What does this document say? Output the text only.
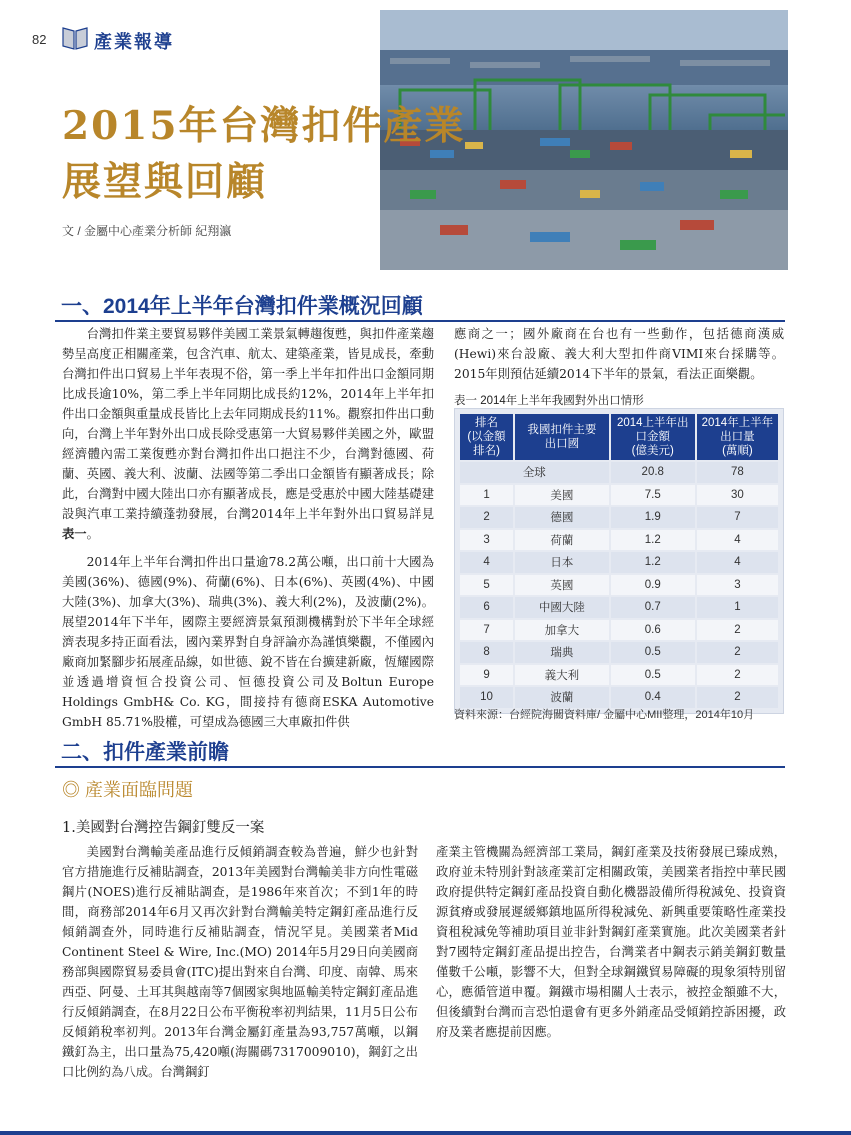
82	產業報導
2015年台灣扣件產業
展望與回顧
文 / 金屬中心產業分析師 紀翔瀛
一、2014年上半年台灣扣件業概況回顧

台灣扣件業主要貿易夥伴美國工業景氣轉趨復甦，與扣件產業趨勢呈高度正相關產業，包含汽車、航太、建築產業，皆見成長，牽動台灣扣件出口貿易上半年表現不俗，第一季上半年扣件出口金額同期比成長逾10%，第二季上半年同期比成長約12%，2014年上半年扣件出口金額與重量成長皆比上去年同期成長約11%。觀察扣件出口動向，台灣上半年對外出口成長除受惠第一大貿易夥伴美國之外，歐盟經濟體內需工業復甦亦對台灣扣件出口挹注不少，台灣對德國、荷蘭、英國、義大利、波蘭、法國等第二季出口金額皆有顯著成長；除此，台灣對中國大陸出口亦有顯著成長，應是受惠於中國大陸基礎建設與汽車工業持續蓬勃發展，台灣2014年上半年對外出口貿易詳見表一。

2014年上半年台灣扣件出口量逾78.2萬公噸，出口前十大國為美國(36%)、德國(9%)、荷蘭(6%)、日本(6%)、英國(4%)、中國大陸(3%)、加拿大(3%)、瑞典(3%)、義大利(2%)，及波蘭(2%)。展望2014年下半年，國際主要經濟景氣預測機構對於下半年全球經濟表現多持正面看法，國內業界對自身評論亦為謹慎樂觀，不僅國內廠商加緊腳步拓展產品線，如世德、銳不皆在台擴建新廠，恆耀國際並透過增資恒合投資公司、恒德投資公司及Boltun Europe Holdings GmbH& Co. KG，間接持有德商ESKA Automotive GmbH 85.71%股權，可望成為德國三大車廠扣件供

應商之一；國外廠商在台也有一些動作，包括德商漢威(Hewi)來台設廠、義大利大型扣件商VIMI來台採購等。2015年則預估延續2014下半年的景氣，看法正面樂觀。

表一 2014年上半年我國對外出口情形
排名
(以金額
排名)	我國扣件主要
出口國	2014上半年出
口金額
(億美元)	2014年上半年
出口量
(萬順)
全球		20.8	78
1	美國	7.5	30
2	德國	1.9	7
3	荷蘭	1.2	4
4	日本	1.2	4
5	英國	0.9	3
6	中國大陸	0.7	1
7	加拿大	0.6	2
8	瑞典	0.5	2
9	義大利	0.5	2
10	波蘭	0.4	2
資料來源：台經院海關資料庫/ 金屬中心MII整理，2014年10月
二、扣件產業前瞻
◎ 產業面臨問題
1.美國對台灣控告鋼釘雙反一案

美國對台灣輸美產品進行反傾銷調查較為普遍，鮮少也針對官方措施進行反補貼調查，2013年美國對台灣輸美非方向性電磁鋼片(NOES)進行反補貼調查，是1986年來首次；不到1年的時間，商務部2014年6月又再次針對台灣輸美特定鋼釘產品進行反傾銷調查外，同時進行反補貼調查，情況罕見。美國業者Mid Continent Steel & Wire, Inc.(MO) 2014年5月29日向美國商務部與國際貿易委員會(ITC)提出對來自台灣、印度、南韓、馬來西亞、阿曼、土耳其與越南等7個國家與地區輸美特定鋼釘產品進行反傾銷調查，在8月22日公布平衡稅率初判結果，11月5日公布反傾銷稅率初判。2013年台灣金屬釘產量為93,757萬噸，以鋼鐵釘為主，出口量為75,420噸(海關碼7317009010)，鋼釘之出口比例約為八成。台灣鋼釘

產業主管機關為經濟部工業局，鋼釘產業及技術發展已臻成熟，政府並未特別針對該產業訂定相關政策，美國業者指控中華民國政府提供特定鋼釘產品投資自動化機器設備所得稅減免、投資資源貧瘠或發展遲緩鄉鎮地區所得稅減免、新興重要策略性產業投資租稅減免等補助項目並非針對鋼釘產業實施。此次美國業者針對7國特定鋼釘產品提出控告，台灣業者中鋼表示銷美鋼釘數量僅數千公噸，影響不大，但對全球鋼鐵貿易障礙的現象須特別留心，應循管道申覆。鋼鐵市場相關人士表示，被控金額雖不大，但後續對台灣而言恐怕還會有更多外銷產品受傾銷控訴困擾，政府及業者應提前因應。
